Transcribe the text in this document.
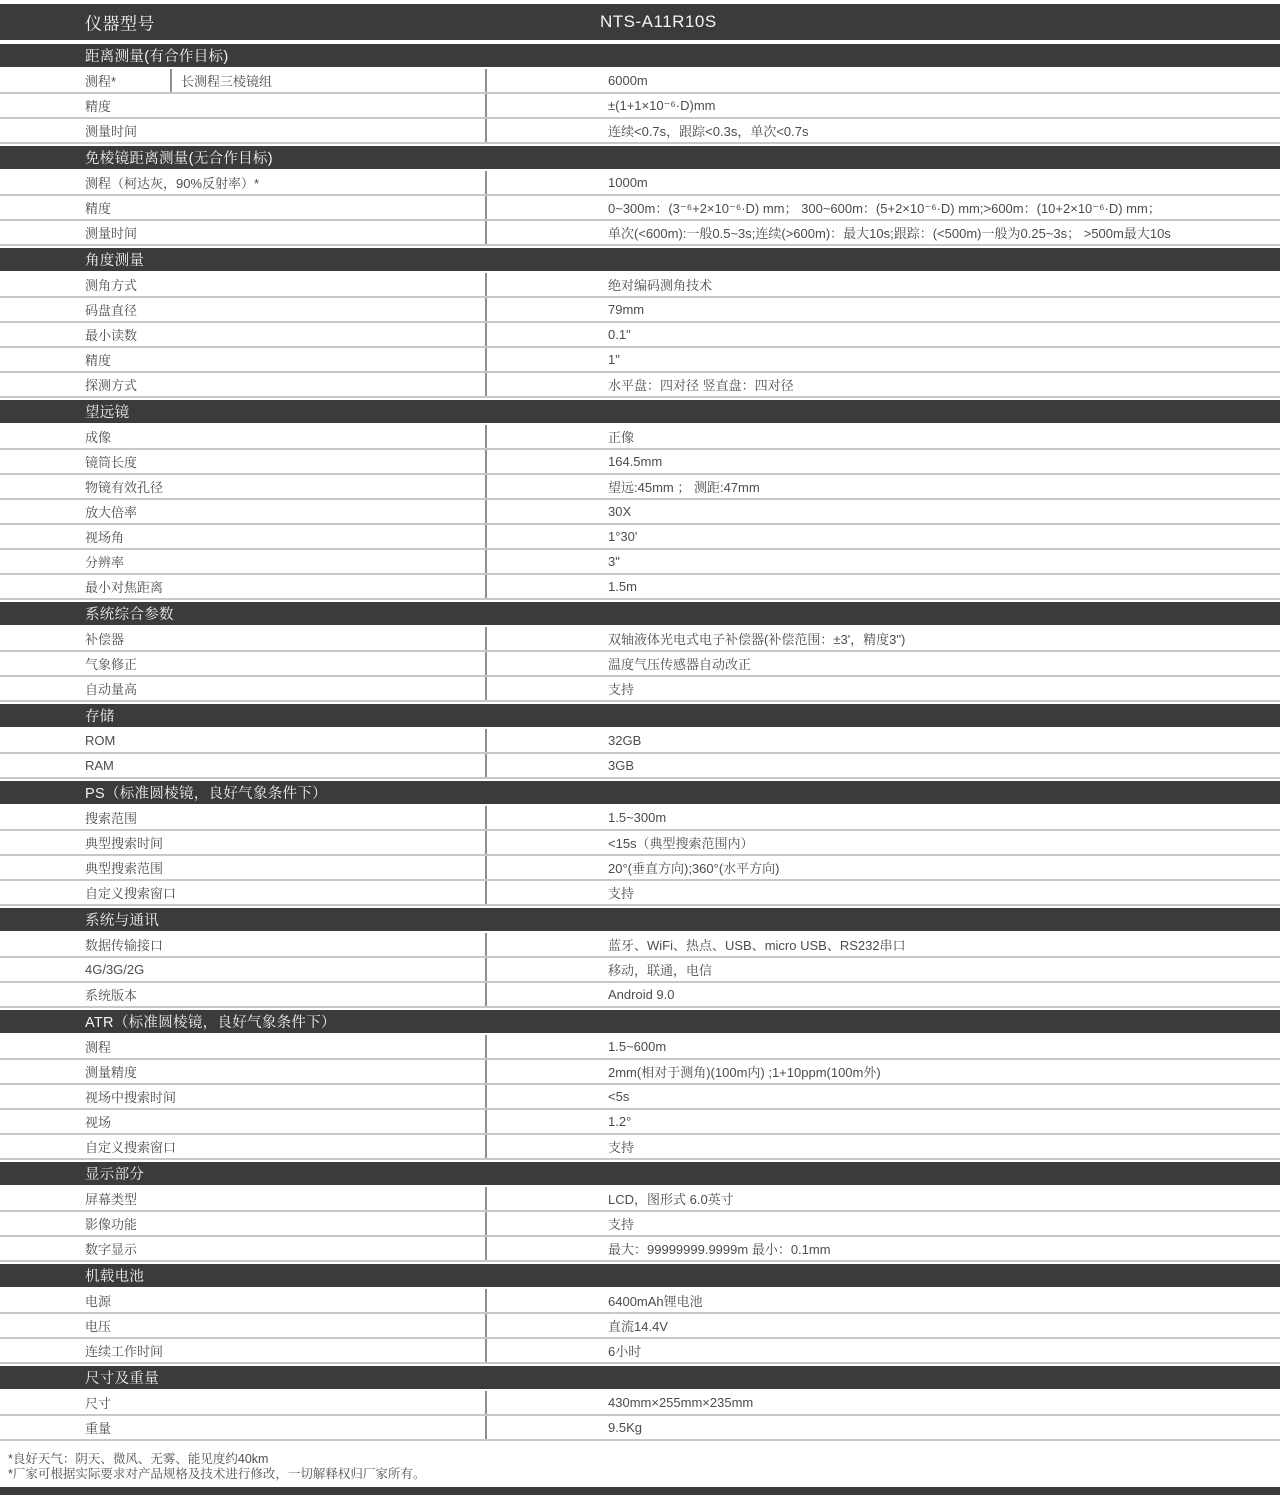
仪器型号	NTS-A11R10S
距离测量(有合作目标)
测程*	长测程三棱镜组	6000m
精度	±(1+1×10⁻⁶·D)mm
测量时间	连续<0.7s，跟踪<0.3s，单次<0.7s
免棱镜距离测量(无合作目标)
测程（柯达灰，90%反射率）*	1000m
精度	0~300m：(3⁻⁶+2×10⁻⁶·D) mm； 300~600m：(5+2×10⁻⁶·D) mm;>600m：(10+2×10⁻⁶·D) mm；
测量时间	单次(<600m):一般0.5~3s;连续(>600m)：最大10s;跟踪：(<500m)一般为0.25~3s； >500m最大10s
角度测量
测角方式	绝对编码测角技术
码盘直径	79mm
最小读数	0.1"
精度	1"
探测方式	水平盘：四对径 竖直盘：四对径
望远镜
成像	正像
镜筒长度	164.5mm
物镜有效孔径	望远:45mm ； 测距:47mm
放大倍率	30X
视场角	1°30'
分辨率	3"
最小对焦距离	1.5m
系统综合参数
补偿器	双轴液体光电式电子补偿器(补偿范围：±3'，精度3")
气象修正	温度气压传感器自动改正
自动量高	支持
存储
ROM	32GB
RAM	3GB
PS（标准圆棱镜，良好气象条件下）
搜索范围	1.5~300m
典型搜索时间	<15s（典型搜索范围内）
典型搜索范围	20°(垂直方向);360°(水平方向)
自定义搜索窗口	支持
系统与通讯
数据传输接口	蓝牙、WiFi、热点、USB、micro USB、RS232串口
4G/3G/2G	移动，联通，电信
系统版本	Android 9.0
ATR（标准圆棱镜，良好气象条件下）
测程	1.5~600m
测量精度	2mm(相对于测角)(100m内) ;1+10ppm(100m外)
视场中搜索时间	<5s
视场	1.2°
自定义搜索窗口	支持
显示部分
屏幕类型	LCD，图形式 6.0英寸
影像功能	支持
数字显示	最大：99999999.9999m 最小：0.1mm
机载电池
电源	6400mAh锂电池
电压	直流14.4V
连续工作时间	6小时
尺寸及重量
尺寸	430mm×255mm×235mm
重量	9.5Kg
*良好天气：阴天、微风、无雾、能见度约40km
*厂家可根据实际要求对产品规格及技术进行修改，一切解释权归厂家所有。
